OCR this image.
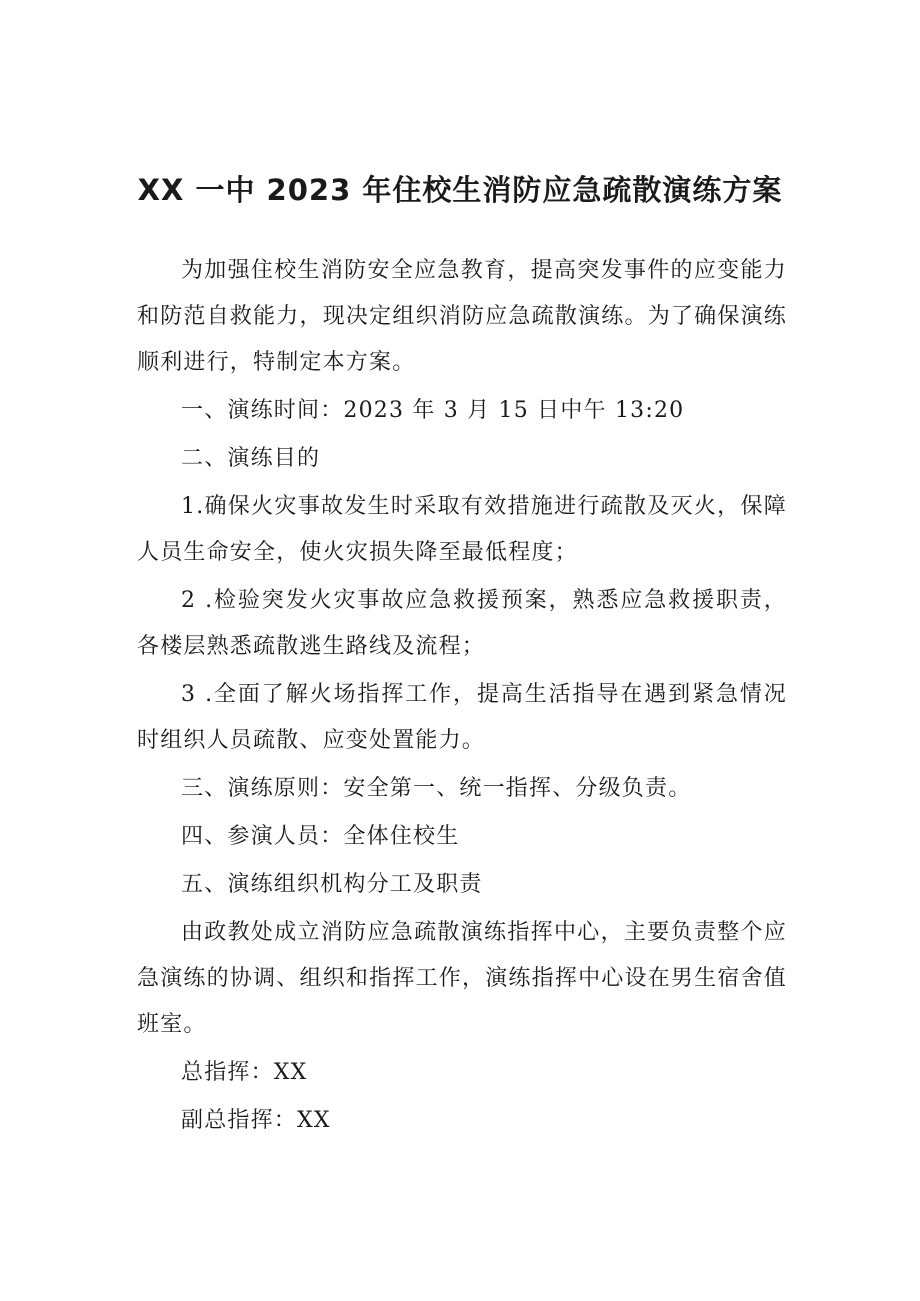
XX 一中 2023 年住校生消防应急疏散演练方案

为加强住校生消防安全应急教育，提高突发事件的应变能力和防范自救能力，现决定组织消防应急疏散演练。为了确保演练顺利进行，特制定本方案。

一、演练时间：2023 年 3 月 15 日中午 13:20

二、演练目的

1.确保火灾事故发生时采取有效措施进行疏散及灭火，保障人员生命安全，使火灾损失降至最低程度；

2 .检验突发火灾事故应急救援预案，熟悉应急救援职责，各楼层熟悉疏散逃生路线及流程；

3 .全面了解火场指挥工作，提高生活指导在遇到紧急情况时组织人员疏散、应变处置能力。

三、演练原则：安全第一、统一指挥、分级负责。

四、参演人员：全体住校生

五、演练组织机构分工及职责

由政教处成立消防应急疏散演练指挥中心，主要负责整个应急演练的协调、组织和指挥工作，演练指挥中心设在男生宿舍值班室。

总指挥：XX

副总指挥：XX
